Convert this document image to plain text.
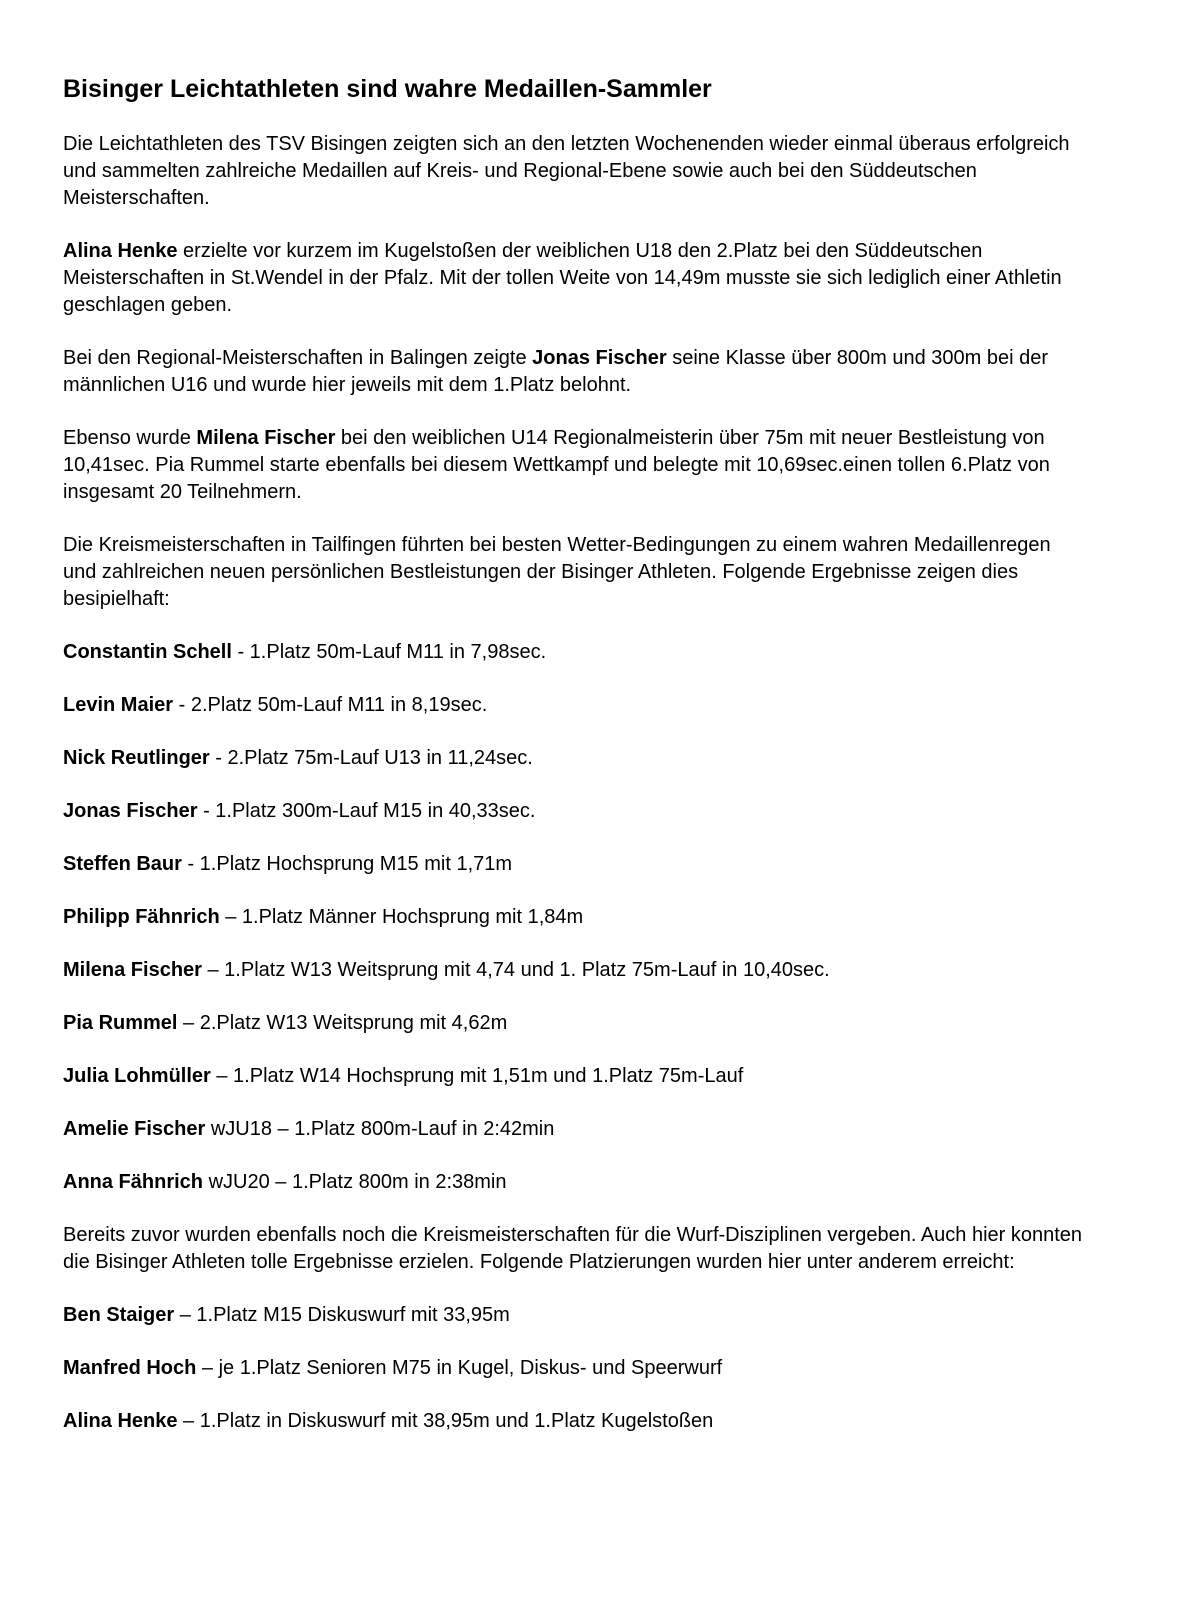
Bisinger Leichtathleten sind wahre Medaillen-Sammler

Die Leichtathleten des TSV Bisingen zeigten sich an den letzten Wochenenden wieder einmal überaus erfolgreich und sammelten zahlreiche Medaillen auf Kreis- und Regional-Ebene sowie auch bei den Süddeutschen Meisterschaften.

Alina Henke erzielte vor kurzem im Kugelstoßen der weiblichen U18 den 2.Platz bei den Süddeutschen Meisterschaften in St.Wendel in der Pfalz. Mit der tollen Weite von 14,49m musste sie sich lediglich einer Athletin geschlagen geben.

Bei den Regional-Meisterschaften in Balingen zeigte Jonas Fischer seine Klasse über 800m und 300m bei der männlichen U16 und wurde hier jeweils mit dem 1.Platz belohnt.

Ebenso wurde Milena Fischer bei den weiblichen U14 Regionalmeisterin über 75m mit neuer Bestleistung von 10,41sec. Pia Rummel starte ebenfalls bei diesem Wettkampf und belegte mit 10,69sec.einen tollen 6.Platz von insgesamt 20 Teilnehmern.

Die Kreismeisterschaften in Tailfingen führten bei besten Wetter-Bedingungen zu einem wahren Medaillenregen und zahlreichen neuen persönlichen Bestleistungen der Bisinger Athleten. Folgende Ergebnisse zeigen dies besipielhaft:

Constantin Schell - 1.Platz 50m-Lauf M11 in 7,98sec.

Levin Maier - 2.Platz 50m-Lauf M11 in 8,19sec.

Nick Reutlinger - 2.Platz 75m-Lauf U13 in 11,24sec.

Jonas Fischer - 1.Platz 300m-Lauf M15 in 40,33sec.

Steffen Baur - 1.Platz Hochsprung M15 mit 1,71m

Philipp Fähnrich – 1.Platz Männer Hochsprung mit 1,84m

Milena Fischer – 1.Platz W13 Weitsprung mit 4,74 und 1. Platz 75m-Lauf in 10,40sec.

Pia Rummel – 2.Platz W13 Weitsprung mit 4,62m

Julia Lohmüller – 1.Platz W14 Hochsprung mit 1,51m und 1.Platz 75m-Lauf

Amelie Fischer wJU18 – 1.Platz 800m-Lauf in 2:42min

Anna Fähnrich wJU20 – 1.Platz 800m in 2:38min

Bereits zuvor wurden ebenfalls noch die Kreismeisterschaften für die Wurf-Disziplinen vergeben. Auch hier konnten die Bisinger Athleten tolle Ergebnisse erzielen. Folgende Platzierungen wurden hier unter anderem erreicht:

Ben Staiger – 1.Platz M15 Diskuswurf mit 33,95m

Manfred Hoch – je 1.Platz Senioren M75 in Kugel, Diskus- und Speerwurf

Alina Henke – 1.Platz in Diskuswurf mit 38,95m und 1.Platz Kugelstoßen
